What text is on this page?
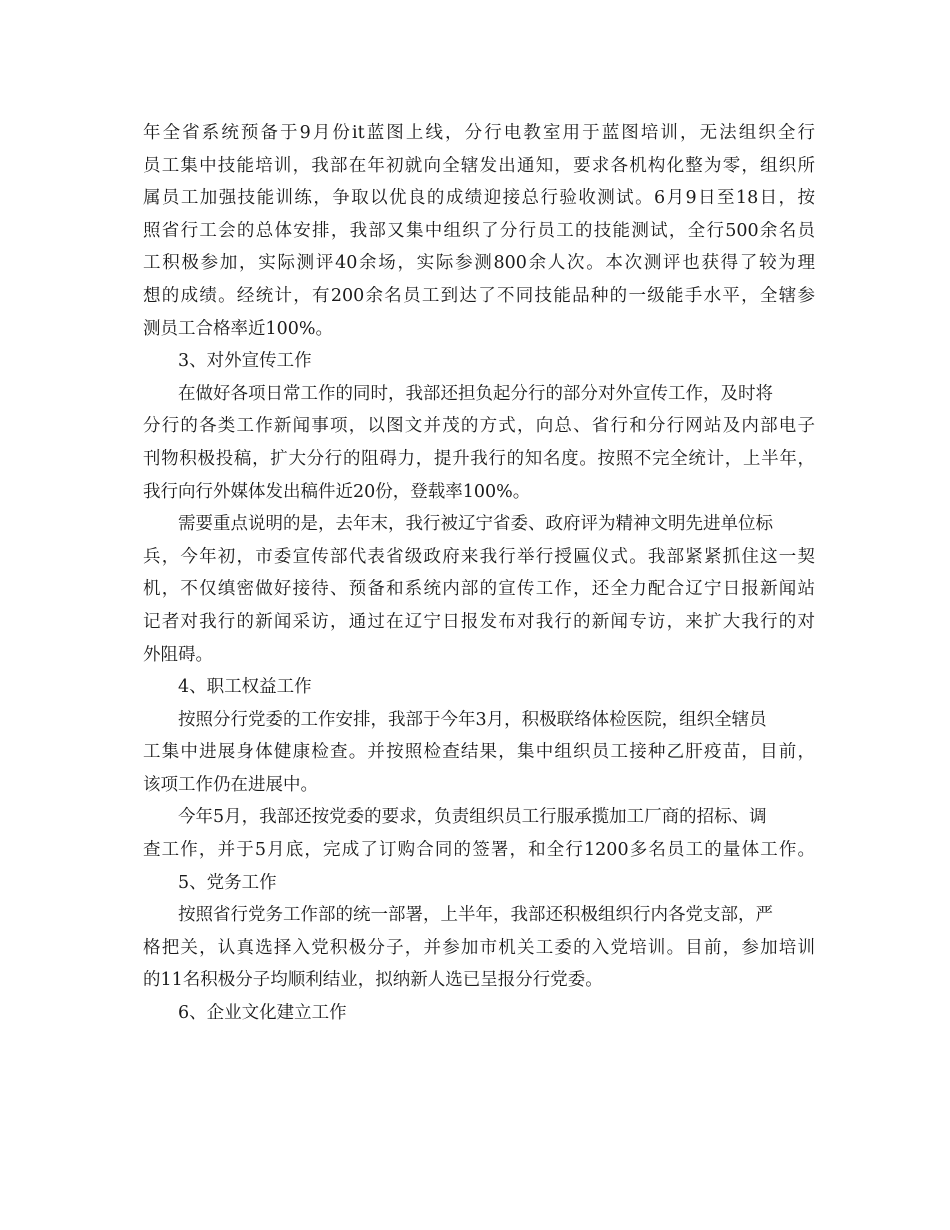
年全省系统预备于9月份it蓝图上线，分行电教室用于蓝图培训，无法组织全行
员工集中技能培训，我部在年初就向全辖发出通知，要求各机构化整为零，组织所
属员工加强技能训练，争取以优良的成绩迎接总行验收测试。6月9日至18日，按
照省行工会的总体安排，我部又集中组织了分行员工的技能测试，全行500余名员
工积极参加，实际测评40余场，实际参测800余人次。本次测评也获得了较为理
想的成绩。经统计，有200余名员工到达了不同技能品种的一级能手水平，全辖参
测员工合格率近100%。
3、对外宣传工作
在做好各项日常工作的同时，我部还担负起分行的部分对外宣传工作，及时将
分行的各类工作新闻事项，以图文并茂的方式，向总、省行和分行网站及内部电子
刊物积极投稿，扩大分行的阻碍力，提升我行的知名度。按照不完全统计，上半年，
我行向行外媒体发出稿件近20份，登载率100%。
需要重点说明的是，去年末，我行被辽宁省委、政府评为精神文明先进单位标
兵，今年初，市委宣传部代表省级政府来我行举行授匾仪式。我部紧紧抓住这一契
机，不仅缜密做好接待、预备和系统内部的宣传工作，还全力配合辽宁日报新闻站
记者对我行的新闻采访，通过在辽宁日报发布对我行的新闻专访，来扩大我行的对
外阻碍。
4、职工权益工作
按照分行党委的工作安排，我部于今年3月，积极联络体检医院，组织全辖员
工集中进展身体健康检查。并按照检查结果，集中组织员工接种乙肝疫苗，目前，
该项工作仍在进展中。
今年5月，我部还按党委的要求，负责组织员工行服承揽加工厂商的招标、调
查工作，并于5月底，完成了订购合同的签署，和全行1200多名员工的量体工作。
5、党务工作
按照省行党务工作部的统一部署，上半年，我部还积极组织行内各党支部，严
格把关，认真选择入党积极分子，并参加市机关工委的入党培训。目前，参加培训
的11名积极分子均顺利结业，拟纳新人选已呈报分行党委。
6、企业文化建立工作
